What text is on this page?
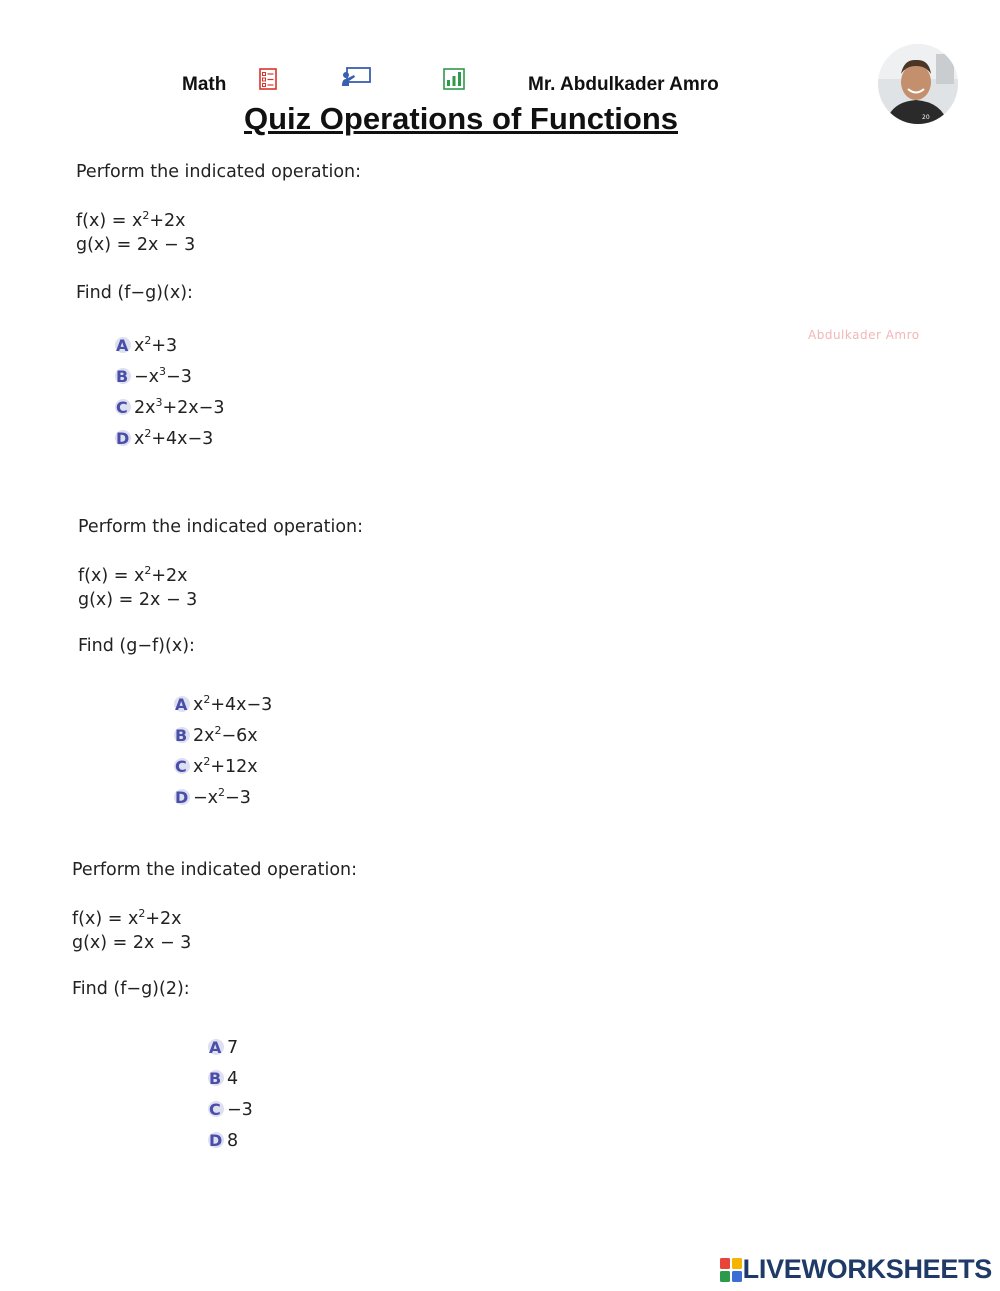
Math	Mr. Abdulkader Amro
20
Quiz Operations of Functions
Abdulkader Amro
Perform the indicated operation:
$f(x) = x^2+2x$
g(x) = 2x − 3
Find (f−g)(x):
A $x^2+3$
$B -x^3-3$
C $2x^3+2x-3$
D $x^2+4x-3$
Perform the indicated operation:
$f(x) = x^2+2x$
g(x) = 2x − 3
Find (g−f)(x):
A $x^2+4x-3$
B $2x^2-6x$
C $x^2+12x$
$D -x^2-3$
Perform the indicated operation:
$f(x) = x^2+2x$
g(x) = 2x − 3
Find (f−g)(2):
A 7
B 4
C −3
D 8
LIVEWORKSHEETS
